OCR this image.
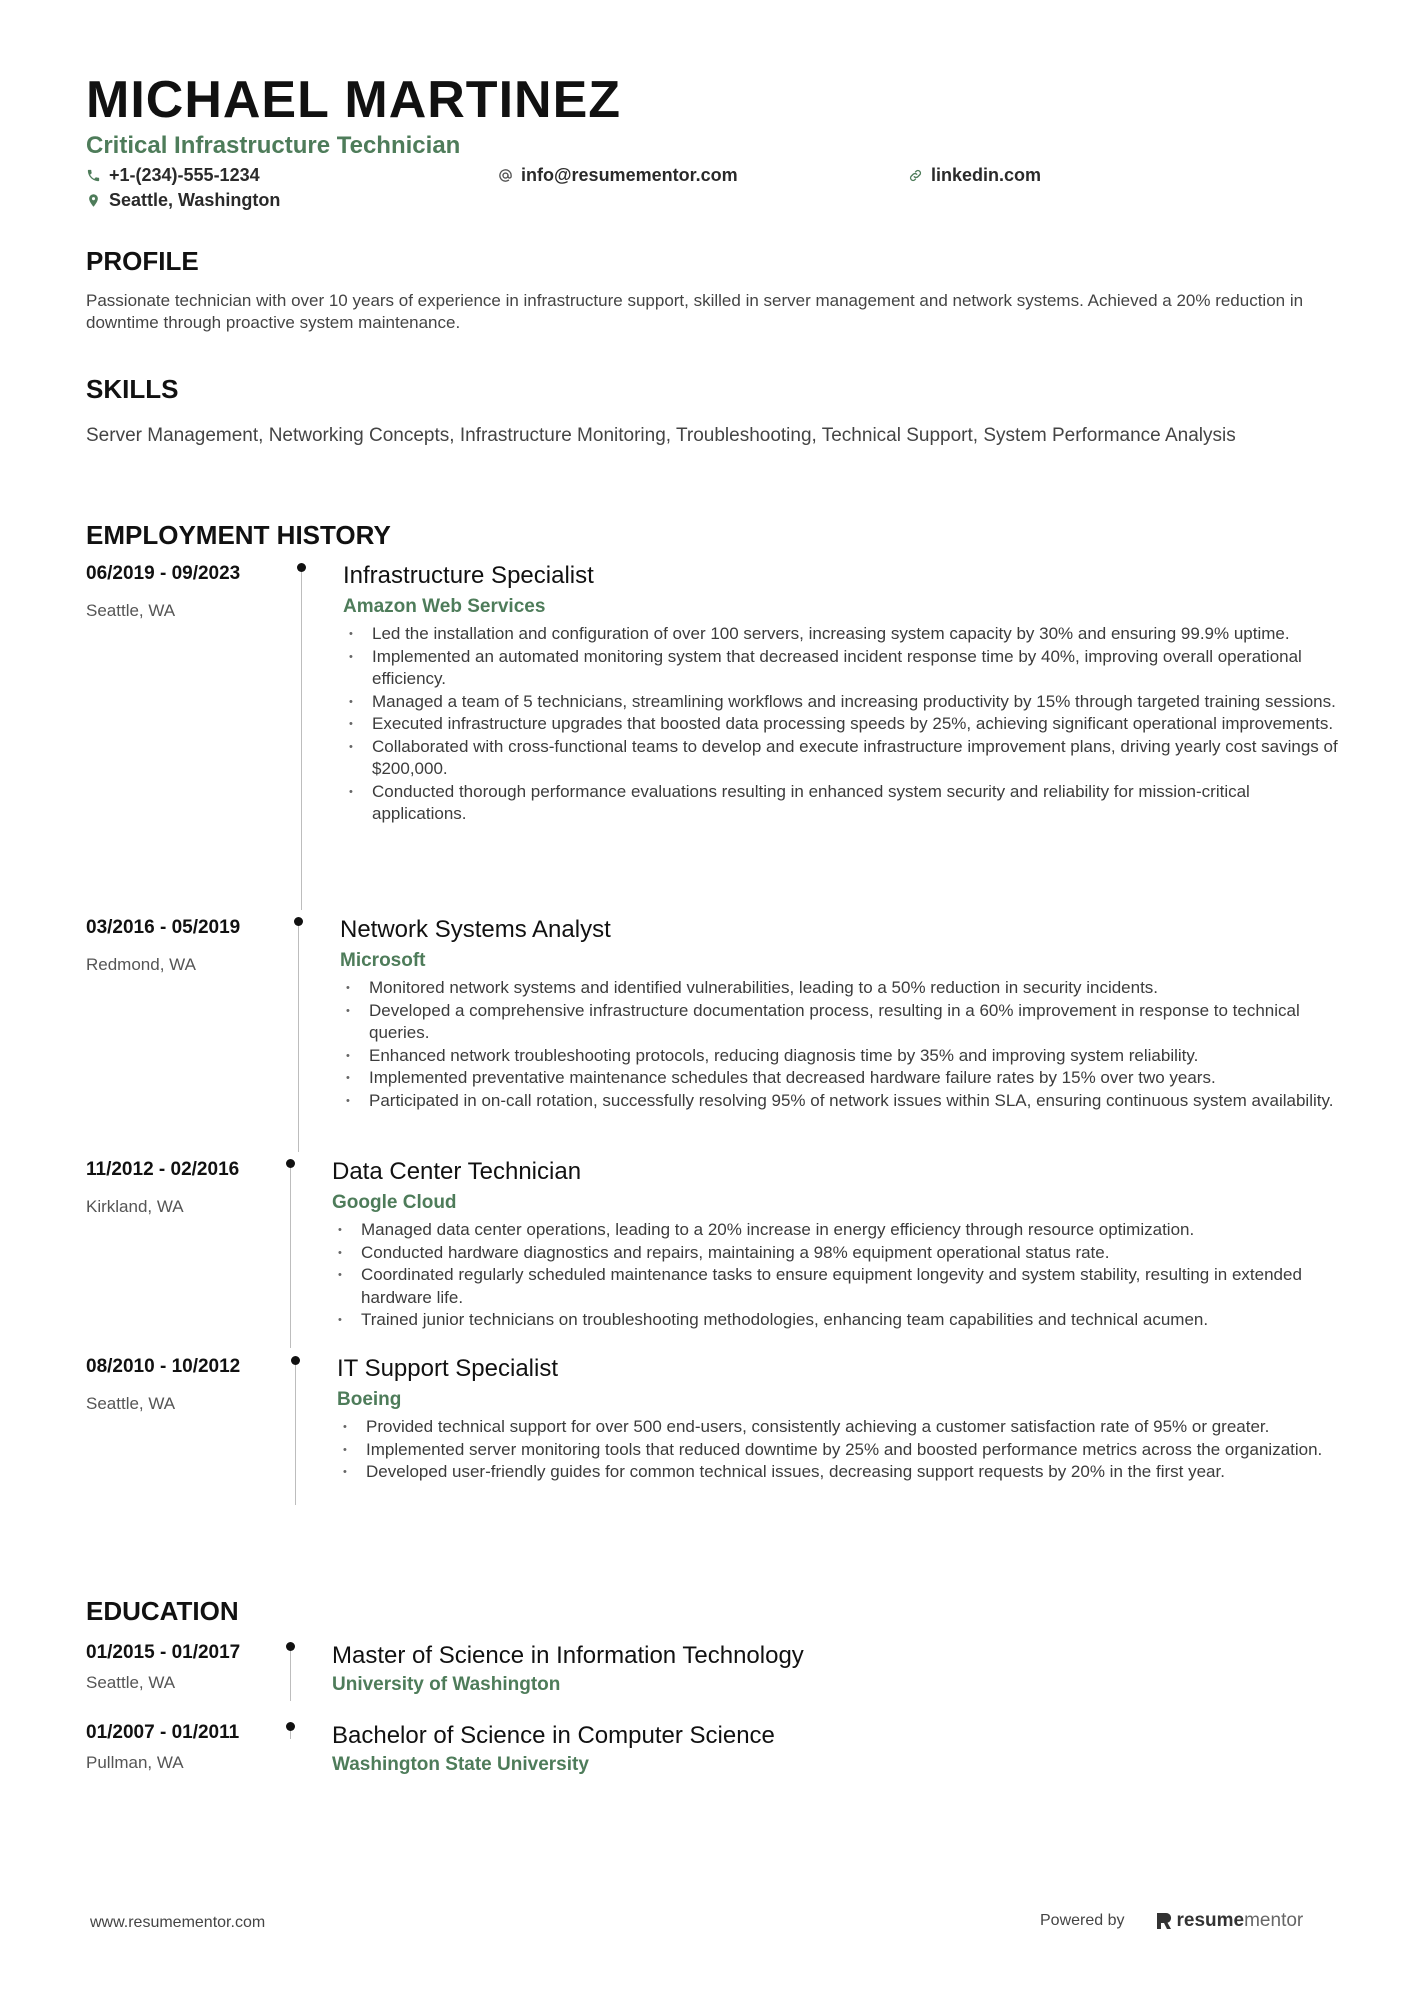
MICHAEL MARTINEZ
Critical Infrastructure Technician
+1-(234)-555-1234	info@resumementor.com	linkedin.com
Seattle, Washington
PROFILE

Passionate technician with over 10 years of experience in infrastructure support, skilled in server management and network systems. Achieved a 20% reduction in downtime through proactive system maintenance.

SKILLS

Server Management, Networking Concepts, Infrastructure Monitoring, Troubleshooting, Technical Support, System Performance Analysis

EMPLOYMENT HISTORY
06/2019 - 09/2023
Seattle, WA
Infrastructure Specialist
Amazon Web Services
• Led the installation and configuration of over 100 servers, increasing system capacity by 30% and ensuring 99.9% uptime.
• Implemented an automated monitoring system that decreased incident response time by 40%, improving overall operational efficiency.
• Managed a team of 5 technicians, streamlining workflows and increasing productivity by 15% through targeted training sessions.
• Executed infrastructure upgrades that boosted data processing speeds by 25%, achieving significant operational improvements.
• Collaborated with cross-functional teams to develop and execute infrastructure improvement plans, driving yearly cost savings of $200,000.
• Conducted thorough performance evaluations resulting in enhanced system security and reliability for mission-critical applications.
03/2016 - 05/2019
Redmond, WA
Network Systems Analyst
Microsoft
• Monitored network systems and identified vulnerabilities, leading to a 50% reduction in security incidents.
• Developed a comprehensive infrastructure documentation process, resulting in a 60% improvement in response to technical queries.
• Enhanced network troubleshooting protocols, reducing diagnosis time by 35% and improving system reliability.
• Implemented preventative maintenance schedules that decreased hardware failure rates by 15% over two years.
• Participated in on-call rotation, successfully resolving 95% of network issues within SLA, ensuring continuous system availability.
11/2012 - 02/2016
Kirkland, WA
Data Center Technician
Google Cloud
• Managed data center operations, leading to a 20% increase in energy efficiency through resource optimization.
• Conducted hardware diagnostics and repairs, maintaining a 98% equipment operational status rate.
• Coordinated regularly scheduled maintenance tasks to ensure equipment longevity and system stability, resulting in extended hardware life.
• Trained junior technicians on troubleshooting methodologies, enhancing team capabilities and technical acumen.
08/2010 - 10/2012
Seattle, WA
IT Support Specialist
Boeing
• Provided technical support for over 500 end-users, consistently achieving a customer satisfaction rate of 95% or greater.
• Implemented server monitoring tools that reduced downtime by 25% and boosted performance metrics across the organization.
• Developed user-friendly guides for common technical issues, decreasing support requests by 20% in the first year.
EDUCATION
01/2015 - 01/2017
Seattle, WA
Master of Science in Information Technology
University of Washington
01/2007 - 01/2011
Pullman, WA
Bachelor of Science in Computer Science
Washington State University
www.resumementor.com	Powered by	resume mentor
